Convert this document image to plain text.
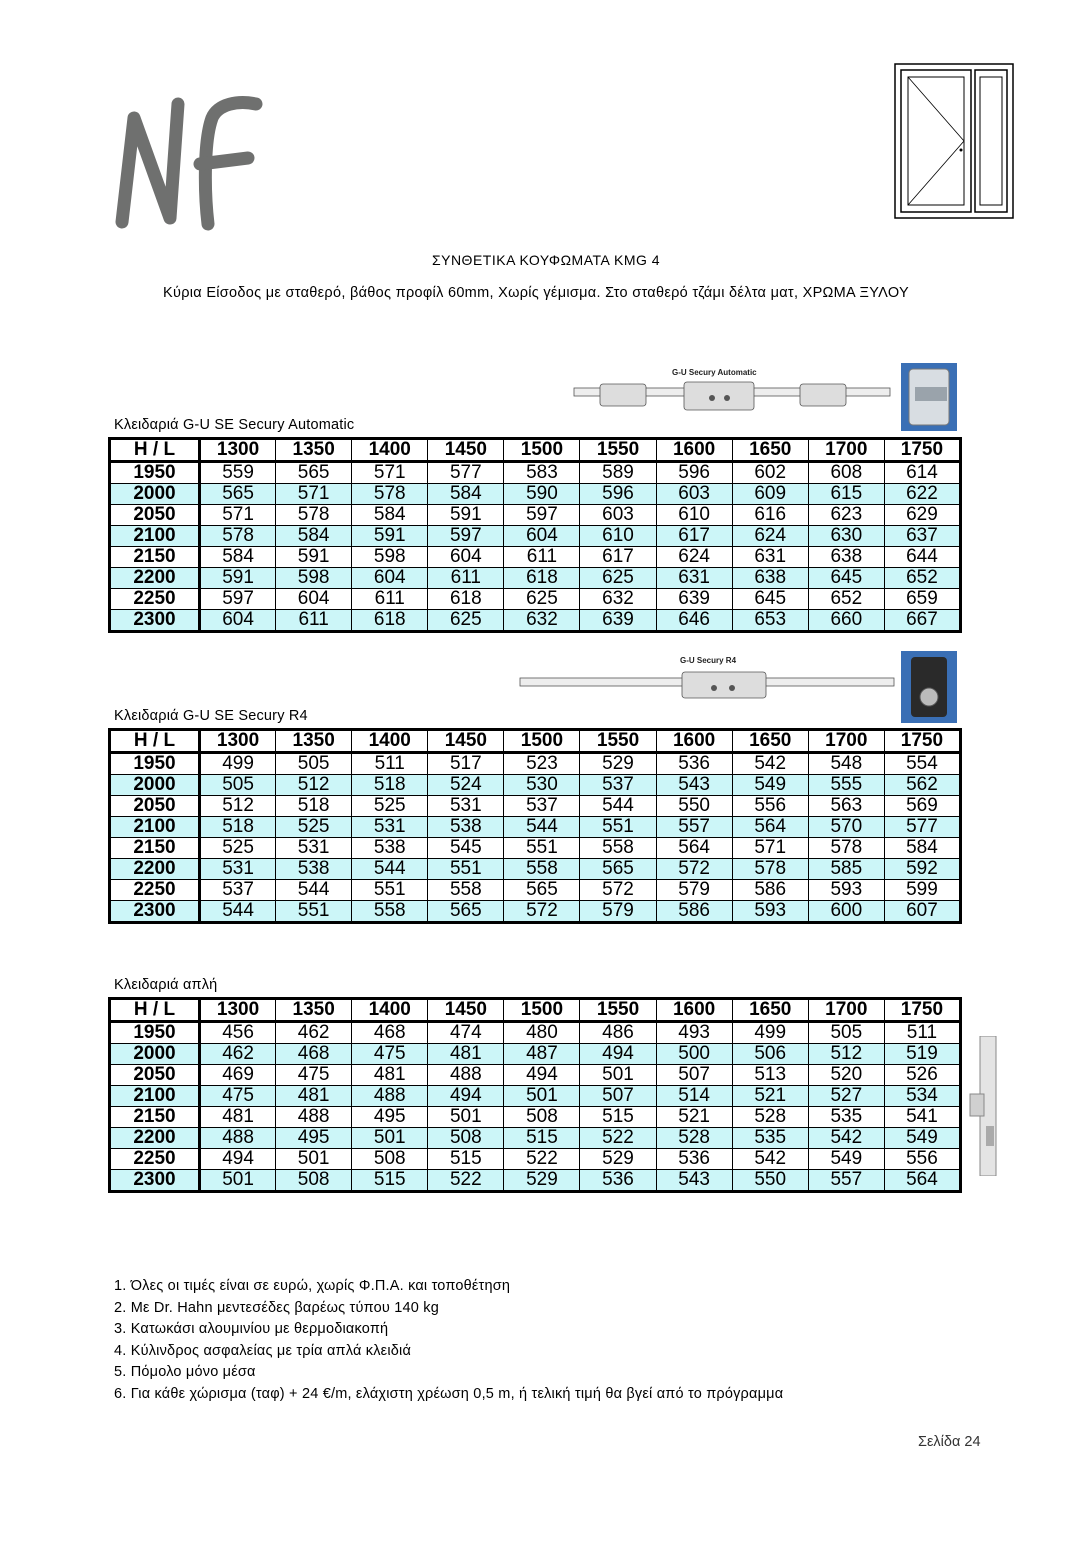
NF
ΣΥΝΘΕΤΙΚΑ ΚΟΥΦΩΜΑΤΑ KMG 4
Κύρια Είσοδος με σταθερό, βάθος προφίλ 60mm, Χωρίς γέμισμα. Στο σταθερό τζάμι δέλτα ματ, ΧΡΩΜΑ ΞΥΛΟΥ
G-U Secury Automatic
Κλειδαριά G-U SE Secury Automatic
H / L	1300	1350	1400	1450	1500	1550	1600	1650	1700	1750
1950	559	565	571	577	583	589	596	602	608	614
2000	565	571	578	584	590	596	603	609	615	622
2050	571	578	584	591	597	603	610	616	623	629
2100	578	584	591	597	604	610	617	624	630	637
2150	584	591	598	604	611	617	624	631	638	644
2200	591	598	604	611	618	625	631	638	645	652
2250	597	604	611	618	625	632	639	645	652	659
2300	604	611	618	625	632	639	646	653	660	667
G-U Secury R4
Κλειδαριά G-U SE Secury R4
H / L	1300	1350	1400	1450	1500	1550	1600	1650	1700	1750
1950	499	505	511	517	523	529	536	542	548	554
2000	505	512	518	524	530	537	543	549	555	562
2050	512	518	525	531	537	544	550	556	563	569
2100	518	525	531	538	544	551	557	564	570	577
2150	525	531	538	545	551	558	564	571	578	584
2200	531	538	544	551	558	565	572	578	585	592
2250	537	544	551	558	565	572	579	586	593	599
2300	544	551	558	565	572	579	586	593	600	607
Κλειδαριά απλή
H / L	1300	1350	1400	1450	1500	1550	1600	1650	1700	1750
1950	456	462	468	474	480	486	493	499	505	511
2000	462	468	475	481	487	494	500	506	512	519
2050	469	475	481	488	494	501	507	513	520	526
2100	475	481	488	494	501	507	514	521	527	534
2150	481	488	495	501	508	515	521	528	535	541
2200	488	495	501	508	515	522	528	535	542	549
2250	494	501	508	515	522	529	536	542	549	556
2300	501	508	515	522	529	536	543	550	557	564
1. Όλες οι τιμές είναι σε ευρώ, χωρίς Φ.Π.Α. και τοποθέτηση
2. Με Dr. Hahn μεντεσέδες βαρέως τύπου 140 kg
3. Κατωκάσι αλουμινίου με θερμοδιακοπή
4. Κύλινδρος ασφαλείας με τρία απλά κλειδιά
5. Πόμολο μόνο μέσα
6. Για κάθε χώρισμα (ταφ) + 24 €/m, ελάχιστη χρέωση 0,5 m, ή τελική τιμή θα βγεί από το πρόγραμμα
Σελίδα 24
